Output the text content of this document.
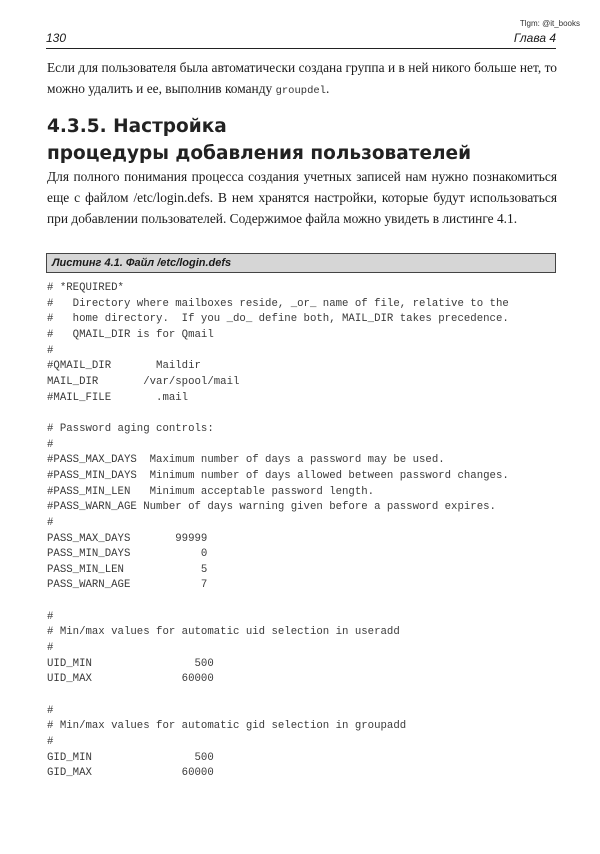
Tlgm: @it_books
130	Глава 4

Если для пользователя была автоматически создана группа и в ней никого больше нет, то можно удалить и ее, выполнив команду groupdel.

4.3.5. Настройка
процедуры добавления пользователей

Для полного понимания процесса создания учетных записей нам нужно познакомиться еще с файлом /etc/login.defs. В нем хранятся настройки, которые будут использоваться при добавлении пользователей. Содержимое файла можно увидеть в листинге 4.1.

Листинг 4.1. Файл /etc/login.defs
# *REQUIRED*
#   Directory where mailboxes reside, _or_ name of file, relative to the
#   home directory.  If you _do_ define both, MAIL_DIR takes precedence.
#   QMAIL_DIR is for Qmail
#
#QMAIL_DIR       Maildir
MAIL_DIR       /var/spool/mail
#MAIL_FILE       .mail

# Password aging controls:
#
#PASS_MAX_DAYS  Maximum number of days a password may be used.
#PASS_MIN_DAYS  Minimum number of days allowed between password changes.
#PASS_MIN_LEN   Minimum acceptable password length.
#PASS_WARN_AGE Number of days warning given before a password expires.
#
PASS_MAX_DAYS       99999
PASS_MIN_DAYS           0
PASS_MIN_LEN            5
PASS_WARN_AGE           7

#
# Min/max values for automatic uid selection in useradd
#
UID_MIN                500
UID_MAX              60000

#
# Min/max values for automatic gid selection in groupadd
#
GID_MIN                500
GID_MAX              60000
